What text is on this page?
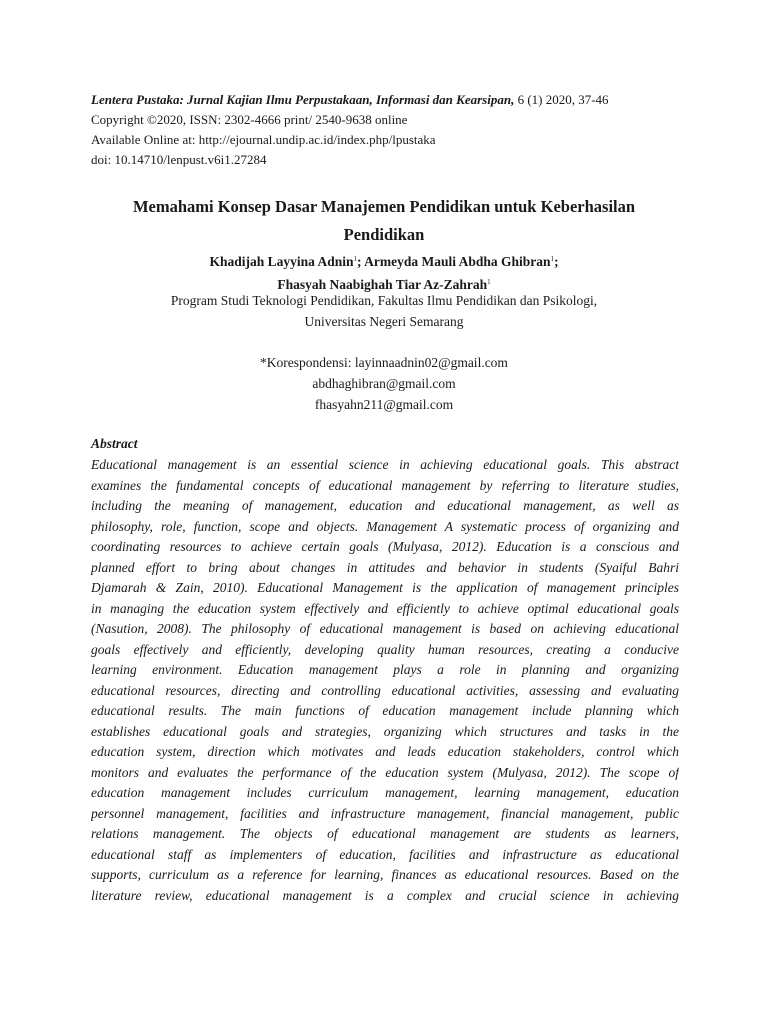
Lentera Pustaka: Jurnal Kajian Ilmu Perpustakaan, Informasi dan Kearsipan, 6 (1) 2020, 37-46
Copyright ©2020, ISSN: 2302-4666 print/ 2540-9638 online
Available Online at: http://ejournal.undip.ac.id/index.php/lpustaka
doi: 10.14710/lenpust.v6i1.27284
Memahami Konsep Dasar Manajemen Pendidikan untuk Keberhasilan
Pendidikan
Khadijah Layyina Adnin$^1$; Armeyda Mauli Abdha Ghibran$^1$;
Fhasyah Naabighah Tiar Az-Zahrah$^1$
Program Studi Teknologi Pendidikan, Fakultas Ilmu Pendidikan dan Psikologi,
Universitas Negeri Semarang
*Korespondensi: layinnaadnin02@gmail.com
abdhaghibran@gmail.com
fhasyahn211@gmail.com
Abstract
Educational management is an essential science in achieving educational goals. This abstract
examines the fundamental concepts of educational management by referring to literature studies,
including the meaning of management, education and educational management, as well as
philosophy, role, function, scope and objects. Management A systematic process of organizing and
coordinating resources to achieve certain goals (Mulyasa, 2012). Education is a conscious and
planned effort to bring about changes in attitudes and behavior in students (Syaiful Bahri
Djamarah & Zain, 2010). Educational Management is the application of management principles
in managing the education system effectively and efficiently to achieve optimal educational goals
(Nasution, 2008). The philosophy of educational management is based on achieving educational
goals effectively and efficiently, developing quality human resources, creating a conducive
learning environment. Education management plays a role in planning and organizing
educational resources, directing and controlling educational activities, assessing and evaluating
educational results. The main functions of education management include planning which
establishes educational goals and strategies, organizing which structures and tasks in the
education system, direction which motivates and leads education stakeholders, control which
monitors and evaluates the performance of the education system (Mulyasa, 2012). The scope of
education management includes curriculum management, learning management, education
personnel management, facilities and infrastructure management, financial management, public
relations management. The objects of educational management are students as learners,
educational staff as implementers of education, facilities and infrastructure as educational
supports, curriculum as a reference for learning, finances as educational resources. Based on the
literature review, educational management is a complex and crucial science in achieving
